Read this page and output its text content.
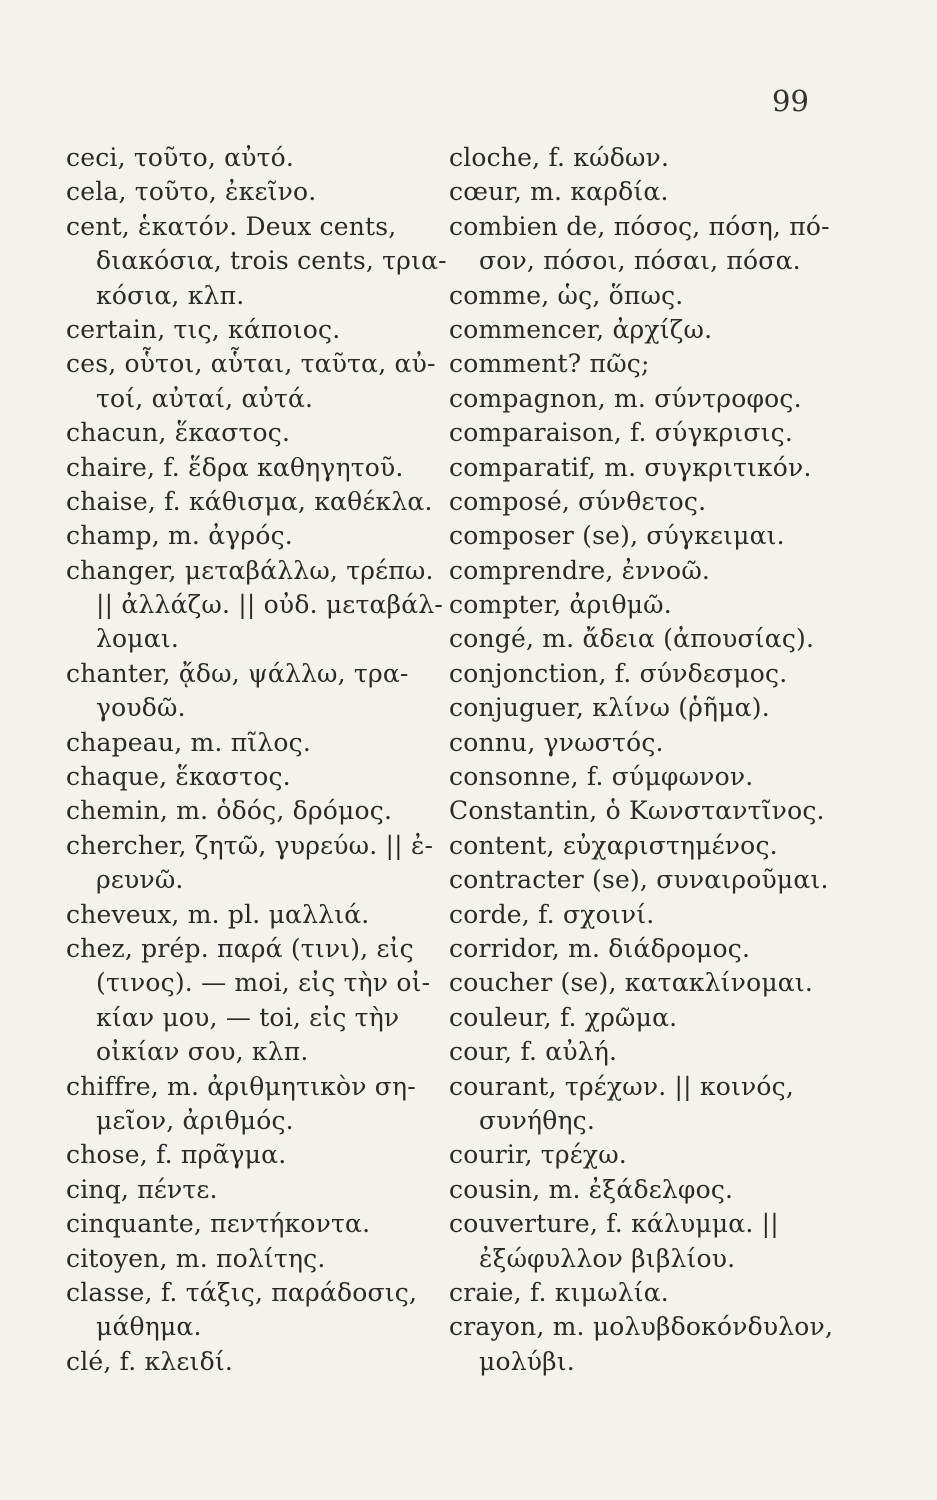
99
ceci, τοῦτο, αὐτό.
cela, τοῦτο, ἐκεῖνο.
cent, ἑκατόν. Deux cents,
διακόσια, trois cents, τρια-
κόσια, κλπ.
certain, τις, κάποιος.
ces, οὗτοι, αὗται, ταῦτα, αὐ-
τοί, αὐταί, αὐτά.
chacun, ἕκαστος.
chaire, f. ἕδρα καθηγητοῦ.
chaise, f. κάθισμα, καθέκλα.
champ, m. ἀγρός.
changer, μεταβάλλω, τρέπω.
|| ἀλλάζω. || οὐδ. μεταβάλ-
λομαι.
chanter, ᾄδω, ψάλλω, τρα-
γουδῶ.
chapeau, m. πῖλος.
chaque, ἕκαστος.
chemin, m. ὁδός, δρόμος.
chercher, ζητῶ, γυρεύω. || ἐ-
ρευνῶ.
cheveux, m. pl. μαλλιά.
chez, prép. παρά (τινι), εἰς
(τινος). — moi, εἰς τὴν οἰ-
κίαν μου, — toi, εἰς τὴν
οἰκίαν σου, κλπ.
chiffre, m. ἀριθμητικὸν ση-
μεῖον, ἀριθμός.
chose, f. πρᾶγμα.
cinq, πέντε.
cinquante, πεντήκοντα.
citoyen, m. πολίτης.
classe, f. τάξις, παράδοσις,
μάθημα.
clé, f. κλειδί.
cloche, f. κώδων.
cœur, m. καρδία.
combien de, πόσος, πόση, πό-
σον, πόσοι, πόσαι, πόσα.
comme, ὡς, ὅπως.
commencer, ἀρχίζω.
comment? πῶς;
compagnon, m. σύντροφος.
comparaison, f. σύγκρισις.
comparatif, m. συγκριτικόν.
composé, σύνθετος.
composer (se), σύγκειμαι.
comprendre, ἐννοῶ.
compter, ἀριθμῶ.
congé, m. ἄδεια (ἀπουσίας).
conjonction, f. σύνδεσμος.
conjuguer, κλίνω (ῥῆμα).
connu, γνωστός.
consonne, f. σύμφωνον.
Constantin, ὁ Κωνσταντῖνος.
content, εὐχαριστημένος.
contracter (se), συναιροῦμαι.
corde, f. σχοινί.
corridor, m. διάδρομος.
coucher (se), κατακλίνομαι.
couleur, f. χρῶμα.
cour, f. αὐλή.
courant, τρέχων. || κοινός,
συνήθης.
courir, τρέχω.
cousin, m. ἐξάδελφος.
couverture, f. κάλυμμα. ||
ἐξώφυλλον βιβλίου.
craie, f. κιμωλία.
crayon, m. μολυβδοκόνδυλον,
μολύβι.
